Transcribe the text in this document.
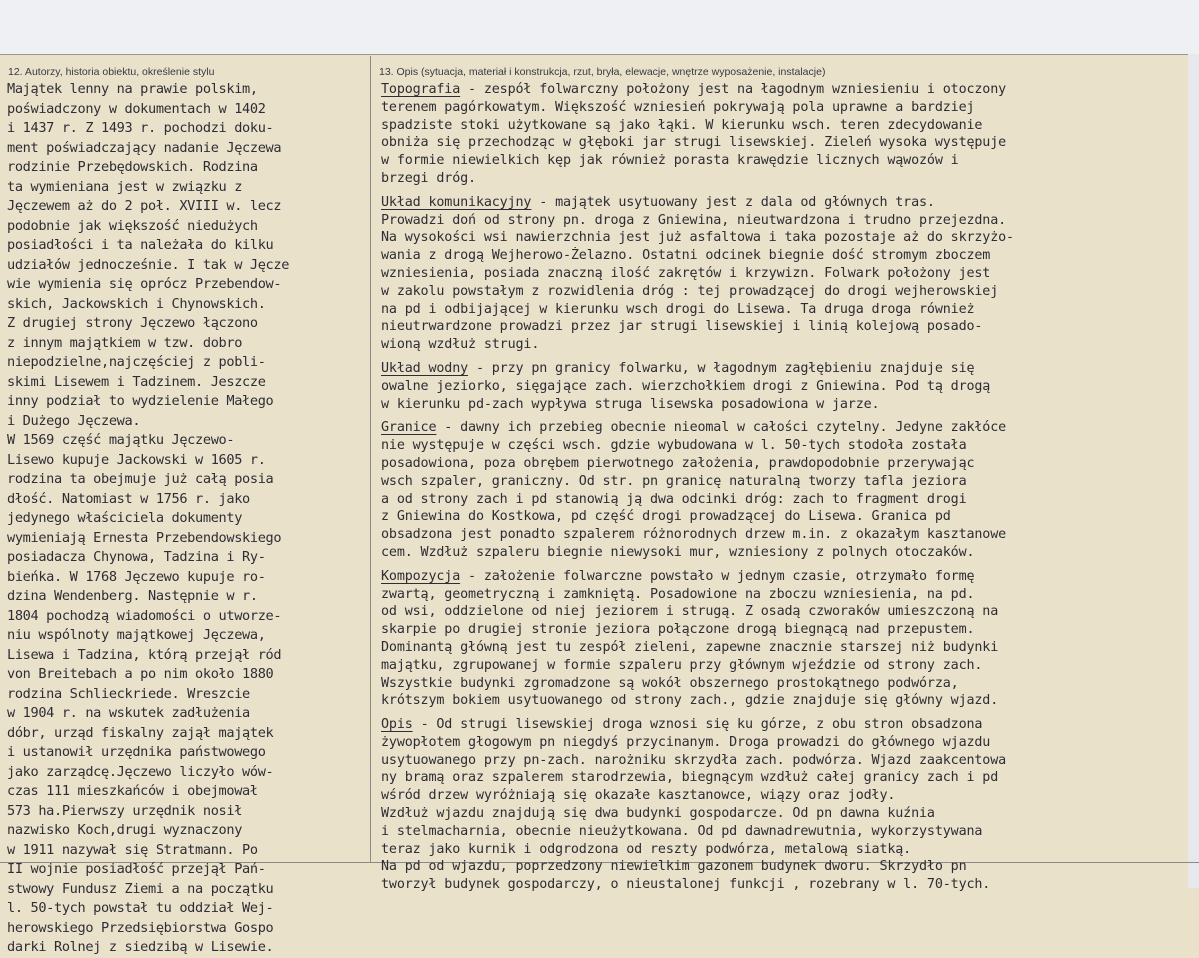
12. Autorzy, historia obiektu, określenie stylu	13. Opis (sytuacja, materiał i konstrukcja, rzut, bryła, elewacje, wnętrze wyposażenie, instalacje)
Majątek lenny na prawie polskim,
poświadczony w dokumentach w 1402
i 1437 r. Z 1493 r. pochodzi doku-
ment poświadczający nadanie Jęczewa
rodzinie Przebędowskich. Rodzina
ta wymieniana jest w związku z
Jęczewem aż do 2 poł. XVIII w. lecz
podobnie jak większość niedużych
posiadłości i ta należała do kilku
udziałów jednocześnie. I tak w Jęcze
wie wymienia się oprócz Przebendow-
skich, Jackowskich i Chynowskich.
Z drugiej strony Jęczewo łączono
z innym majątkiem w tzw. dobro
niepodzielne,najczęściej z pobli-
skimi Lisewem i Tadzinem. Jeszcze
inny podział to wydzielenie Małego
i Dużego Jęczewa.
W 1569 część majątku Jęczewo-
Lisewo kupuje Jackowski w 1605 r.
rodzina ta obejmuje już całą posia
dłość. Natomiast w 1756 r. jako
jedynego właściciela dokumenty
wymieniają Ernesta Przebendowskiego
posiadacza Chynowa, Tadzina i Ry-
bieńka. W 1768 Jęczewo kupuje ro-
dzina Wendenberg. Następnie w r.
1804 pochodzą wiadomości o utworze-
niu wspólnoty majątkowej Jęczewa,
Lisewa i Tadzina, którą przejął ród
von Breitebach a po nim około 1880
rodzina Schlieckriede. Wreszcie
w 1904 r. na wskutek zadłużenia
dóbr, urząd fiskalny zajął majątek
i ustanowił urzędnika państwowego
jako zarządcę.Jęczewo liczyło wów-
czas 111 mieszkańców i obejmował
573 ha.Pierwszy urzędnik nosił
nazwisko Koch,drugi wyznaczony
w 1911 nazywał się Stratmann. Po
II wojnie posiadłość przejął Pań-
stwowy Fundusz Ziemi a na początku
l. 50-tych powstał tu oddział Wej-
herowskiego Przedsiębiorstwa Gospo
darki Rolnej z siedzibą w Lisewie.
Topografia - zespół folwarczny położony jest na łagodnym wzniesieniu i otoczony
terenem pagórkowatym. Większość wzniesień pokrywają pola uprawne a bardziej
spadziste stoki użytkowane są jako łąki. W kierunku wsch. teren zdecydowanie
obniża się przechodząc w głęboki jar strugi lisewskiej. Zieleń wysoka występuje
w formie niewielkich kęp jak również porasta krawędzie licznych wąwozów i
brzegi dróg.
Układ komunikacyjny - majątek usytuowany jest z dala od głównych tras.
Prowadzi doń od strony pn. droga z Gniewina, nieutwardzona i trudno przejezdna.
Na wysokości wsi nawierzchnia jest już asfaltowa i taka pozostaje aż do skrzyżo-
wania z drogą Wejherowo-Żelazno. Ostatni odcinek biegnie dość stromym zboczem
wzniesienia, posiada znaczną ilość zakrętów i krzywizn. Folwark położony jest
w zakolu powstałym z rozwidlenia dróg : tej prowadzącej do drogi wejherowskiej
na pd i odbijającej w kierunku wsch drogi do Lisewa. Ta druga droga również
nieutrwardzone prowadzi przez jar strugi lisewskiej i linią kolejową posado-
wioną wzdłuż strugi.
Układ wodny - przy pn granicy folwarku, w łagodnym zagłębieniu znajduje się
owalne jeziorko, sięgające zach. wierzchołkiem drogi z Gniewina. Pod tą drogą
w kierunku pd-zach wypływa struga lisewska posadowiona w jarze.
Granice - dawny ich przebieg obecnie nieomal w całości czytelny. Jedyne zakłóce
nie występuje w części wsch. gdzie wybudowana w l. 50-tych stodoła została
posadowiona, poza obrębem pierwotnego założenia, prawdopodobnie przerywając
wsch szpaler, graniczny. Od str. pn granicę naturalną tworzy tafla jeziora
a od strony zach i pd stanowią ją dwa odcinki dróg: zach to fragment drogi
z Gniewina do Kostkowa, pd część drogi prowadzącej do Lisewa. Granica pd
obsadzona jest ponadto szpalerem różnorodnych drzew m.in. z okazałym kasztanowe
cem. Wzdłuż szpaleru biegnie niewysoki mur, wzniesiony z polnych otoczaków.
Kompozycja - założenie folwarczne powstało w jednym czasie, otrzymało formę
zwartą, geometryczną i zamkniętą. Posadowione na zboczu wzniesienia, na pd.
od wsi, oddzielone od niej jeziorem i strugą. Z osadą czworaków umieszczoną na
skarpie po drugiej stronie jeziora połączone drogą biegnącą nad przepustem.
Dominantą główną jest tu zespół zieleni, zapewne znacznie starszej niż budynki
majątku, zgrupowanej w formie szpaleru przy głównym wjeździe od strony zach.
Wszystkie budynki zgromadzone są wokół obszernego prostokątnego podwórza,
krótszym bokiem usytuowanego od strony zach., gdzie znajduje się główny wjazd.
Opis - Od strugi lisewskiej droga wznosi się ku górze, z obu stron obsadzona
żywopłotem głogowym pn niegdyś przycinanym. Droga prowadzi do głównego wjazdu
usytuowanego przy pn-zach. narożniku skrzydła zach. podwórza. Wjazd zaakcentowa
ny bramą oraz szpalerem starodrzewia, biegnącym wzdłuż całej granicy zach i pd
wśród drzew wyróżniają się okazałe kasztanowce, wiązy oraz jodły.
Wzdłuż wjazdu znajdują się dwa budynki gospodarcze. Od pn dawna kuźnia
i stelmacharnia, obecnie nieużytkowana. Od pd dawnadrewutnia, wykorzystywana
teraz jako kurnik i odgrodzona od reszty podwórza, metalową siatką.
Na pd od wjazdu, poprzedzony niewielkim gazonem budynek dworu. Skrzydło pn
tworzył budynek gospodarczy, o nieustalonej funkcji , rozebrany w l. 70-tych.
